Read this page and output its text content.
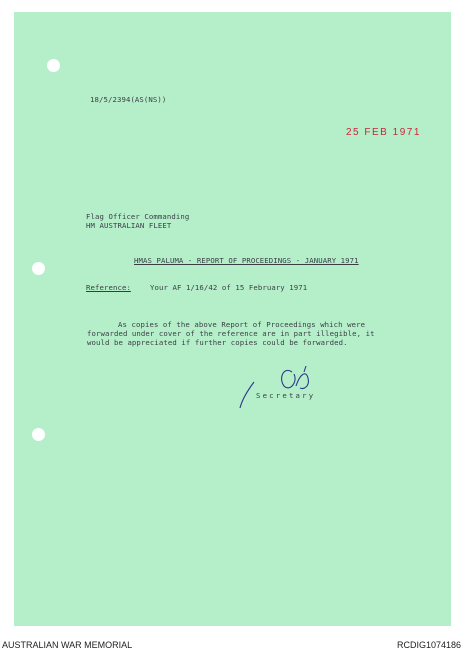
18/5/2394(AS(NS))
25 FEB 1971
Flag Officer Commanding
HM AUSTRALIAN FLEET
HMAS PALUMA - REPORT OF PROCEEDINGS - JANUARY 1971
Reference:	Your AF 1/16/42 of 15 February 1971
As copies of the above Report of Proceedings which were
forwarded under cover of the reference are in part illegible, it
would be appreciated if further copies could be forwarded.
Secretary
AUSTRALIAN WAR MEMORIAL	RCDIG1074186
